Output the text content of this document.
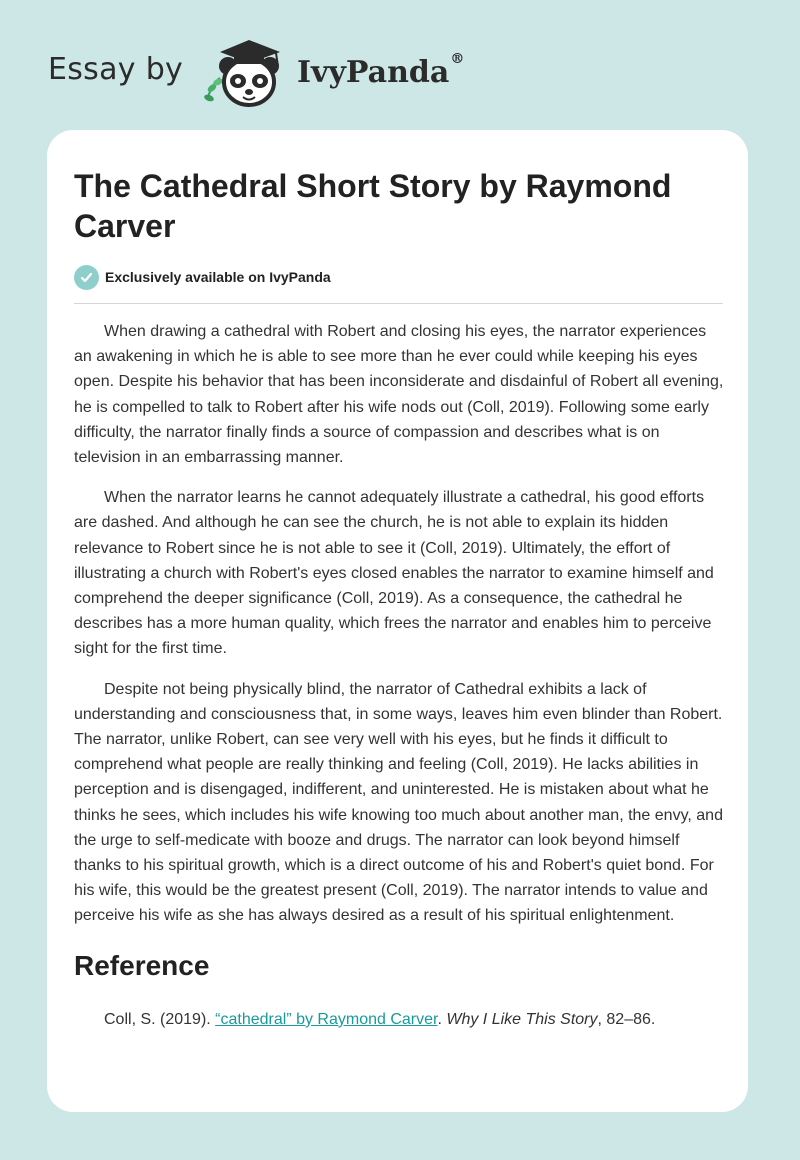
Essay by	IvyPanda®
The Cathedral Short Story by Raymond Carver
Exclusively available on IvyPanda

When drawing a cathedral with Robert and closing his eyes, the narrator experiences an awakening in which he is able to see more than he ever could while keeping his eyes open. Despite his behavior that has been inconsiderate and disdainful of Robert all evening, he is compelled to talk to Robert after his wife nods out (Coll, 2019). Following some early difficulty, the narrator finally finds a source of compassion and describes what is on television in an embarrassing manner.

When the narrator learns he cannot adequately illustrate a cathedral, his good efforts are dashed. And although he can see the church, he is not able to explain its hidden relevance to Robert since he is not able to see it (Coll, 2019). Ultimately, the effort of illustrating a church with Robert's eyes closed enables the narrator to examine himself and comprehend the deeper significance (Coll, 2019). As a consequence, the cathedral he describes has a more human quality, which frees the narrator and enables him to perceive sight for the first time.

Despite not being physically blind, the narrator of Cathedral exhibits a lack of understanding and consciousness that, in some ways, leaves him even blinder than Robert. The narrator, unlike Robert, can see very well with his eyes, but he finds it difficult to comprehend what people are really thinking and feeling (Coll, 2019). He lacks abilities in perception and is disengaged, indifferent, and uninterested. He is mistaken about what he thinks he sees, which includes his wife knowing too much about another man, the envy, and the urge to self-medicate with booze and drugs. The narrator can look beyond himself thanks to his spiritual growth, which is a direct outcome of his and Robert's quiet bond. For his wife, this would be the greatest present (Coll, 2019). The narrator intends to value and perceive his wife as she has always desired as a result of his spiritual enlightenment.

Reference

Coll, S. (2019). “cathedral” by Raymond Carver. Why I Like This Story, 82–86.
